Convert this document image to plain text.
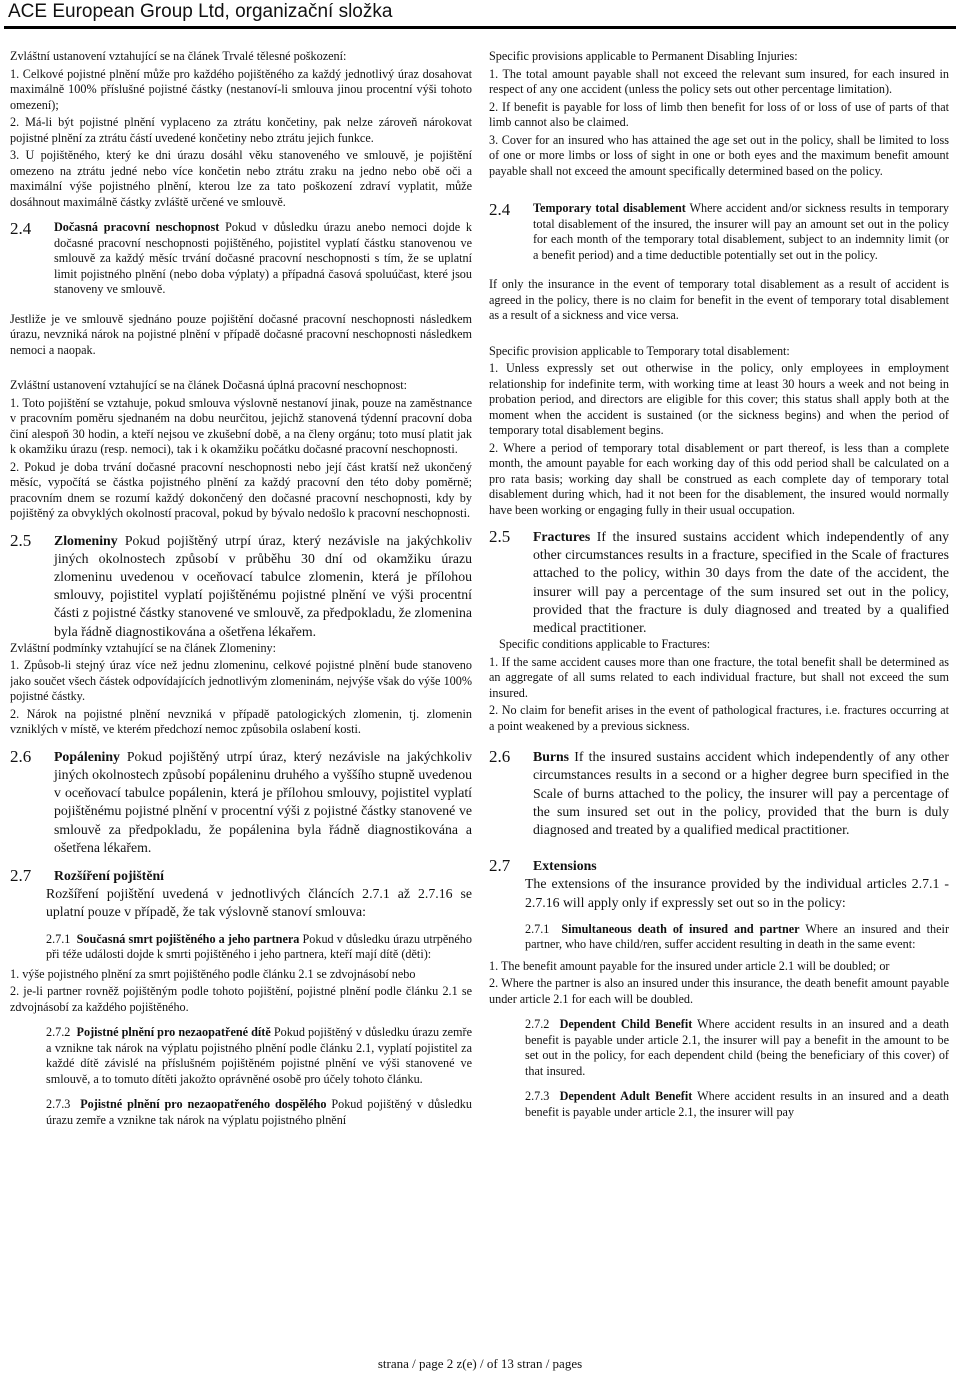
ACE European Group Ltd, organizační složka

Zvláštní ustanovení vztahující se na článek Trvalé tělesné poškození:

1. Celkové pojistné plnění může pro každého pojištěného za každý jednotlivý úraz dosahovat maximálně 100% příslušné pojistné částky (nestanoví-li smlouva jinou procentní výši tohoto omezení);

2. Má-li být pojistné plnění vyplaceno za ztrátu končetiny, pak nelze zároveň nárokovat pojistné plnění za ztrátu částí uvedené končetiny nebo ztrátu jejich funkce.

3. U pojištěného, který ke dni úrazu dosáhl věku stanoveného ve smlouvě, je pojištění omezeno na ztrátu jedné nebo více končetin nebo ztrátu zraku na jedno nebo obě oči a maximální výše pojistného plnění, kterou lze za tato poškození zdraví vyplatit, může dosáhnout maximálně částky zvláště určené ve smlouvě.

2.4	Dočasná pracovní neschopnost Pokud v důsledku úrazu anebo nemoci dojde k dočasné pracovní neschopnosti pojištěného, pojistitel vyplatí částku stanovenou ve smlouvě za každý měsíc trvání dočasné pracovní neschopnosti s tím, že se uplatní limit pojistného plnění (nebo doba výplaty) a případná časová spoluúčast, které jsou stanoveny ve smlouvě.

Jestliže je ve smlouvě sjednáno pouze pojištění dočasné pracovní neschopnosti následkem úrazu, nevzniká nárok na pojistné plnění v případě dočasné pracovní neschopnosti následkem nemoci a naopak.

Zvláštní ustanovení vztahující se na článek Dočasná úplná pracovní neschopnost:

1. Toto pojištění se vztahuje, pokud smlouva výslovně nestanoví jinak, pouze na zaměstnance v pracovním poměru sjednaném na dobu neurčitou, jejichž stanovená týdenní pracovní doba činí alespoň 30 hodin, a kteří nejsou ve zkušební době, a na členy orgánu; toto musí platit jak k okamžiku úrazu (resp. nemoci), tak i k okamžiku počátku dočasné pracovní neschopnosti.

2. Pokud je doba trvání dočasné pracovní neschopnosti nebo její část kratší než ukončený měsíc, vypočítá se částka pojistného plnění za každý pracovní den této doby poměrně; pracovním dnem se rozumí každý dokončený den dočasné pracovní neschopnosti, kdy by pojištěný za obvyklých okolností pracoval, pokud by bývalo nedošlo k pracovní neschopnosti.

2.5	Zlomeniny Pokud pojištěný utrpí úraz, který nezávisle na jakýchkoliv jiných okolnostech způsobí v průběhu 30 dní od okamžiku úrazu zlomeninu uvedenou v oceňovací tabulce zlomenin, která je přílohou smlouvy, pojistitel vyplatí pojištěnému pojistné plnění ve výši procentní části z pojistné částky stanovené ve smlouvě, za předpokladu, že zlomenina byla řádně diagnostikována a ošetřena lékařem.

Zvláštní podmínky vztahující se na článek Zlomeniny:

1. Způsob-li stejný úraz více než jednu zlomeninu, celkové pojistné plnění bude stanoveno jako součet všech částek odpovídajících jednotlivým zlomeninám, nejvýše však do výše 100% pojistné částky.

2. Nárok na pojistné plnění nevzniká v případě patologických zlomenin, tj. zlomenin vzniklých v místě, ve kterém předchozí nemoc způsobila oslabení kosti.

2.6	Popáleniny Pokud pojištěný utrpí úraz, který nezávisle na jakýchkoliv jiných okolnostech způsobí popáleninu druhého a vyššího stupně uvedenou v oceňovací tabulce popálenin, která je přílohou smlouvy, pojistitel vyplatí pojištěnému pojistné plnění v procentní výši z pojistné částky stanovené ve smlouvě za předpokladu, že popálenina byla řádně diagnostikována a ošetřena lékařem.
2.7	Rozšíření pojištění

Rozšíření pojištění uvedená v jednotlivých článcích 2.7.1 až 2.7.16 se uplatní pouze v případě, že tak výslovně stanoví smlouva:

2.7.1 Současná smrt pojištěného a jeho partnera Pokud v důsledku úrazu utrpěného při téže události dojde k smrti pojištěného i jeho partnera, kteří mají dítě (děti):

1. výše pojistného plnění za smrt pojištěného podle článku 2.1 se zdvojnásobí nebo

2. je-li partner rovněž pojištěným podle tohoto pojištění, pojistné plnění podle článku 2.1 se zdvojnásobí za každého pojištěného.

2.7.2 Pojistné plnění pro nezaopatřené dítě Pokud pojištěný v důsledku úrazu zemře a vznikne tak nárok na výplatu pojistného plnění podle článku 2.1, vyplatí pojistitel za každé dítě závislé na příslušném pojištěném pojistné plnění ve výši stanovené ve smlouvě, a to tomuto dítěti jakožto oprávněné osobě pro účely tohoto článku.

2.7.3 Pojistné plnění pro nezaopatřeného dospělého Pokud pojištěný v důsledku úrazu zemře a vznikne tak nárok na výplatu pojistného plnění

Specific provisions applicable to Permanent Disabling Injuries:

1. The total amount payable shall not exceed the relevant sum insured, for each insured in respect of any one accident (unless the policy sets out other percentage limitation).

2. If benefit is payable for loss of limb then benefit for loss of or loss of use of parts of that limb cannot also be claimed.

3. Cover for an insured who has attained the age set out in the policy, shall be limited to loss of one or more limbs or loss of sight in one or both eyes and the maximum benefit amount payable shall not exceed the amount specifically determined based on the policy.

2.4	Temporary total disablement Where accident and/or sickness results in temporary total disablement of the insured, the insurer will pay an amount set out in the policy for each month of the temporary total disablement, subject to an indemnity limit (or a benefit period) and a time deductible potentially set out in the policy.

If only the insurance in the event of temporary total disablement as a result of accident is agreed in the policy, there is no claim for benefit in the event of temporary total disablement as a result of a sickness and vice versa.

Specific provision applicable to Temporary total disablement:

1. Unless expressly set out otherwise in the policy, only employees in employment relationship for indefinite term, with working time at least 30 hours a week and not being in probation period, and directors are eligible for this cover; this status shall apply both at the moment when the accident is sustained (or the sickness begins) and when the period of temporary total disablement begins.

2. Where a period of temporary total disablement or part thereof, is less than a complete month, the amount payable for each working day of this odd period shall be calculated on a pro rata basis; working day shall be construed as each complete day of temporary total disablement during which, had it not been for the disablement, the insured would normally have been working or engaging fully in their usual occupation.

2.5	Fractures If the insured sustains accident which independently of any other circumstances results in a fracture, specified in the Scale of fractures attached to the policy, within 30 days from the date of the accident, the insurer will pay a percentage of the sum insured set out in the policy, provided that the fracture is duly diagnosed and treated by a qualified medical practitioner.

Specific conditions applicable to Fractures:

1. If the same accident causes more than one fracture, the total benefit shall be determined as an aggregate of all sums related to each individual fracture, but shall not exceed the sum insured.

2. No claim for benefit arises in the event of pathological fractures, i.e. fractures occurring at a point weakened by a previous sickness.

2.6	Burns If the insured sustains accident which independently of any other circumstances results in a second or a higher degree burn specified in the Scale of burns attached to the policy, the insurer will pay a percentage of the sum insured set out in the policy, provided that the burn is duly diagnosed and treated by a qualified medical practitioner.
2.7	Extensions

The extensions of the insurance provided by the individual articles 2.7.1 - 2.7.16 will apply only if expressly set out so in the policy:

2.7.1 Simultaneous death of insured and partner Where an insured and their partner, who have child/ren, suffer accident resulting in death in the same event:

1. The benefit amount payable for the insured under article 2.1 will be doubled; or

2. Where the partner is also an insured under this insurance, the death benefit amount payable under article 2.1 for each will be doubled.

2.7.2 Dependent Child Benefit Where accident results in an insured and a death benefit is payable under article 2.1, the insurer will pay a benefit in the amount to be set out in the policy, for each dependent child (being the beneficiary of this cover) of that insured.

2.7.3 Dependent Adult Benefit Where accident results in an insured and a death benefit is payable under article 2.1, the insurer will pay

strana / page 2 z(e) / of 13 stran / pages
